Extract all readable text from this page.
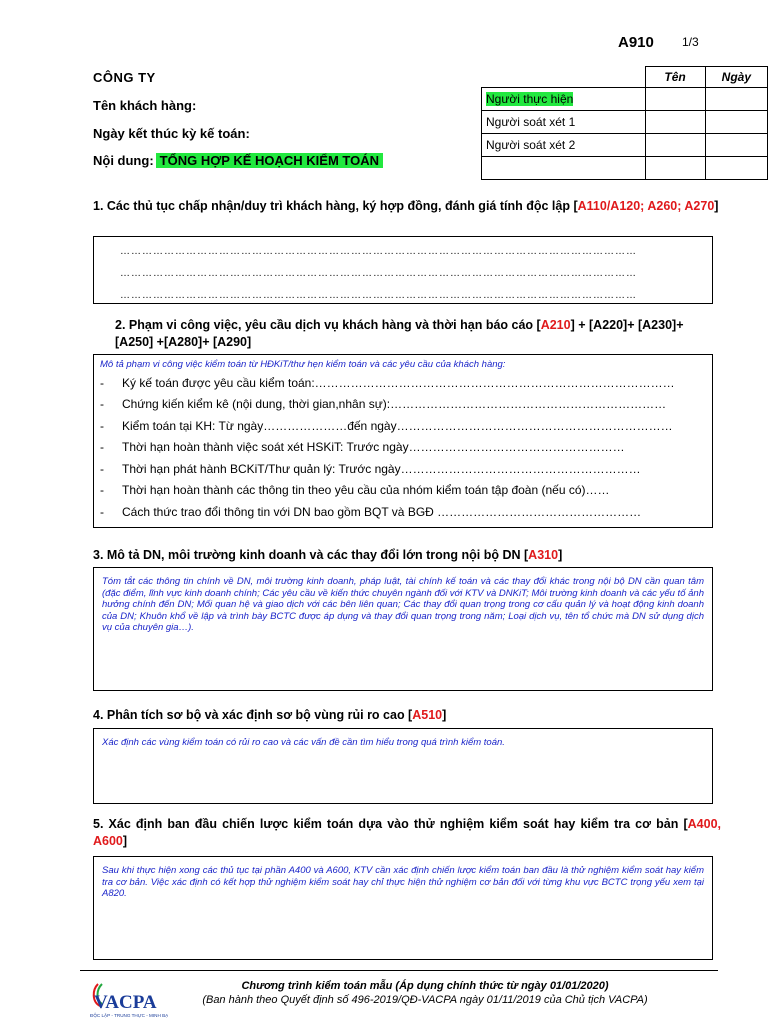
A910 1/3
CÔNG TY
Tên khách hàng:
Ngày kết thúc kỳ kế toán:
Nội dung: TỔNG HỢP KẾ HOẠCH KIỂM TOÁN
	Tên	Ngày
Người thực hiện		
Người soát xét 1		
Người soát xét 2		

1. Các thủ tục chấp nhận/duy trì khách hàng, ký hợp đồng, đánh giá tính độc lập [A110/A120; A260; A270]
……………………………………………………………………………………………………………………………
……………………………………………………………………………………………………………………………
……………………………………………………………………………………………………………………………
2. Phạm vi công việc, yêu cầu dịch vụ khách hàng và thời hạn báo cáo [A210] + [A220]+ [A230]+
[A250] +[A280]+ [A290]
Mô tả phạm vi công việc kiểm toán từ HĐKiT/thư hẹn kiểm toán và các yêu cầu của khách hàng:
- Ký kế toán được yêu cầu kiểm toán:………………………………………………………………………………
- Chứng kiến kiểm kê (nội dung, thời gian,nhân sự):……………………………………………………………
- Kiểm toán tại KH: Từ ngày…………………đến ngày……………………………………………………………
- Thời hạn hoàn thành việc soát xét HSKiT: Trước ngày………………………………………………
- Thời hạn phát hành BCKiT/Thư quản lý: Trước ngày……………………………………………………
- Thời hạn hoàn thành các thông tin theo yêu cầu của nhóm kiểm toán tập đoàn (nếu có)……
- Cách thức trao đổi thông tin với DN bao gồm BQT và BGĐ ……………………………………………
3. Mô tả DN, môi trường kinh doanh và các thay đổi lớn trong nội bộ DN [A310]
Tóm tắt các thông tin chính về DN, môi trường kinh doanh, pháp luật, tài chính kế toán và các thay đổi khác trong nội bộ DN cần quan tâm (đặc điểm, lĩnh vực kinh doanh chính; Các yêu cầu về kiến thức chuyên ngành đối với KTV và DNKiT; Môi trường kinh doanh và các yếu tố ảnh hưởng chính đến DN; Mối quan hệ và giao dịch với các bên liên quan; Các thay đổi quan trọng trong cơ cấu quản lý và hoạt động kinh doanh của DN; Khuôn khổ về lập và trình bày BCTC được áp dụng và thay đổi quan trọng trong năm; Loại dịch vụ, tên tổ chức mà DN sử dụng dịch vụ của chuyên gia…).
4. Phân tích sơ bộ và xác định sơ bộ vùng rủi ro cao [A510]
Xác định các vùng kiểm toán có rủi ro cao và các vấn đề cần tìm hiểu trong quá trình kiểm toán.
5. Xác định ban đầu chiến lược kiểm toán dựa vào thử nghiệm kiểm soát hay kiểm tra cơ bản [A400, A600]
Sau khi thực hiện xong các thủ tục tại phần A400 và A600, KTV cần xác định chiến lược kiểm toán ban đầu là thử nghiệm kiểm soát hay kiểm tra cơ bản. Việc xác định có kết hợp thử nghiệm kiểm soát hay chỉ thực hiện thử nghiệm cơ bản đối với từng khu vực BCTC trọng yếu xem tại A820.
VACPA
ĐỘC LẬP - TRUNG THỰC - MINH BẠCH
Chương trình kiểm toán mẫu (Áp dụng chính thức từ ngày 01/01/2020)
(Ban hành theo Quyết định số 496-2019/QĐ-VACPA ngày 01/11/2019 của Chủ tịch VACPA)
